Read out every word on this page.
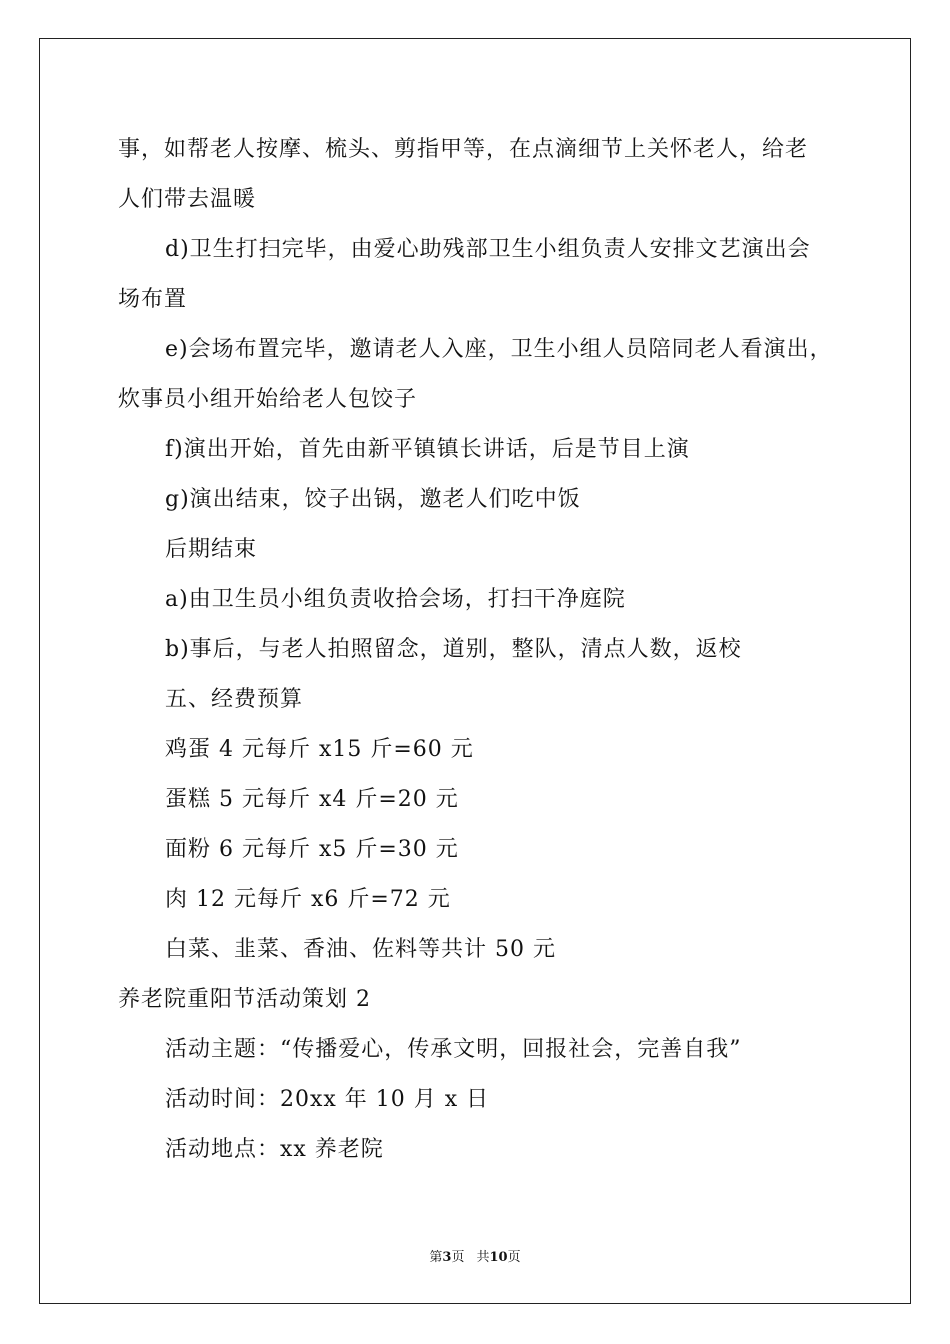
事，如帮老人按摩、梳头、剪指甲等，在点滴细节上关怀老人，给老
人们带去温暖
d)卫生打扫完毕，由爱心助残部卫生小组负责人安排文艺演出会
场布置
e)会场布置完毕，邀请老人入座，卫生小组人员陪同老人看演出，
炊事员小组开始给老人包饺子
f)演出开始，首先由新平镇镇长讲话，后是节目上演
g)演出结束，饺子出锅，邀老人们吃中饭
后期结束
a)由卫生员小组负责收拾会场，打扫干净庭院
b)事后，与老人拍照留念，道别，整队，清点人数，返校
五、经费预算
鸡蛋 4 元每斤 x15 斤=60 元
蛋糕 5 元每斤 x4 斤=20 元
面粉 6 元每斤 x5 斤=30 元
肉 12 元每斤 x6 斤=72 元
白菜、韭菜、香油、佐料等共计 50 元
养老院重阳节活动策划 2
活动主题：“传播爱心，传承文明，回报社会，完善自我”
活动时间：20xx 年 10 月 x 日
活动地点：xx 养老院
第3页 共10页
